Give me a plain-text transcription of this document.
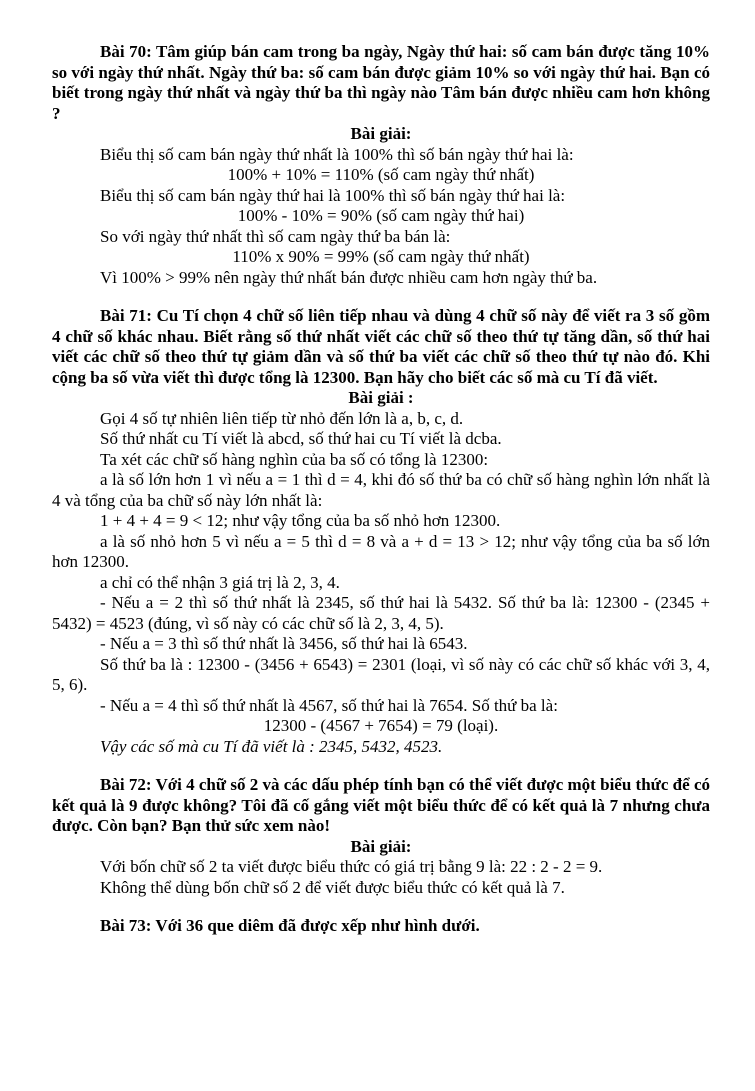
Bài 70: Tâm giúp bán cam trong ba ngày, Ngày thứ hai: số cam bán được tăng 10% so với ngày thứ nhất. Ngày thứ ba: số cam bán được giảm 10% so với ngày thứ hai. Bạn có biết trong ngày thứ nhất và ngày thứ ba thì ngày nào Tâm bán được nhiều cam hơn không ?

Bài giải:

Biểu thị số cam bán ngày thứ nhất là 100% thì số bán ngày thứ hai là:

100% + 10% = 110% (số cam ngày thứ nhất)

Biểu thị số cam bán ngày thứ hai là 100% thì số bán ngày thứ hai là:

100% - 10% = 90% (số cam ngày thứ hai)

So với ngày thứ nhất thì số cam ngày thứ ba bán là:

110% x 90% = 99% (số cam ngày thứ nhất)

Vì 100% > 99% nên ngày thứ nhất bán được nhiều cam hơn ngày thứ ba.

Bài 71: Cu Tí chọn 4 chữ số liên tiếp nhau và dùng 4 chữ số này để viết ra 3 số gồm 4 chữ số khác nhau. Biết rằng số thứ nhất viết các chữ số theo thứ tự tăng dần, số thứ hai viết các chữ số theo thứ tự giảm dần và số thứ ba viết các chữ số theo thứ tự nào đó. Khi cộng ba số vừa viết thì được tổng là 12300. Bạn hãy cho biết các số mà cu Tí đã viết.

Bài giải :

Gọi 4 số tự nhiên liên tiếp từ nhỏ đến lớn là a, b, c, d.

Số thứ nhất cu Tí viết là abcd, số thứ hai cu Tí viết là dcba.

Ta xét các chữ số hàng nghìn của ba số có tổng là 12300:

a là số lớn hơn 1 vì nếu a = 1 thì d = 4, khi đó số thứ ba có chữ số hàng nghìn lớn nhất là 4 và tổng của ba chữ số này lớn nhất là:

1 + 4 + 4 = 9 < 12; như vậy tổng của ba số nhỏ hơn 12300.

a là số nhỏ hơn 5 vì nếu a = 5 thì d = 8 và a + d = 13 > 12; như vậy tổng của ba số lớn hơn 12300.

a chỉ có thể nhận 3 giá trị là 2, 3, 4.

- Nếu a = 2 thì số thứ nhất là 2345, số thứ hai là 5432. Số thứ ba là: 12300 - (2345 + 5432) = 4523 (đúng, vì số này có các chữ số là 2, 3, 4, 5).

- Nếu a = 3 thì số thứ nhất là 3456, số thứ hai là 6543.

Số thứ ba là : 12300 - (3456 + 6543) = 2301 (loại, vì số này có các chữ số khác với 3, 4, 5, 6).

- Nếu a = 4 thì số thứ nhất là 4567, số thứ hai là 7654. Số thứ ba là:

12300 - (4567 + 7654) = 79 (loại).

Vậy các số mà cu Tí đã viết là : 2345, 5432, 4523.

Bài 72: Với 4 chữ số 2 và các dấu phép tính bạn có thể viết được một biểu thức để có kết quả là 9 được không? Tôi đã cố gắng viết một biểu thức để có kết quả là 7 nhưng chưa được. Còn bạn? Bạn thử sức xem nào!

Bài giải:

Với bốn chữ số 2 ta viết được biểu thức có giá trị bằng 9 là: 22 : 2 - 2 = 9.

Không thể dùng bốn chữ số 2 để viết được biểu thức có kết quả là 7.

Bài 73: Với 36 que diêm đã được xếp như hình dưới.
